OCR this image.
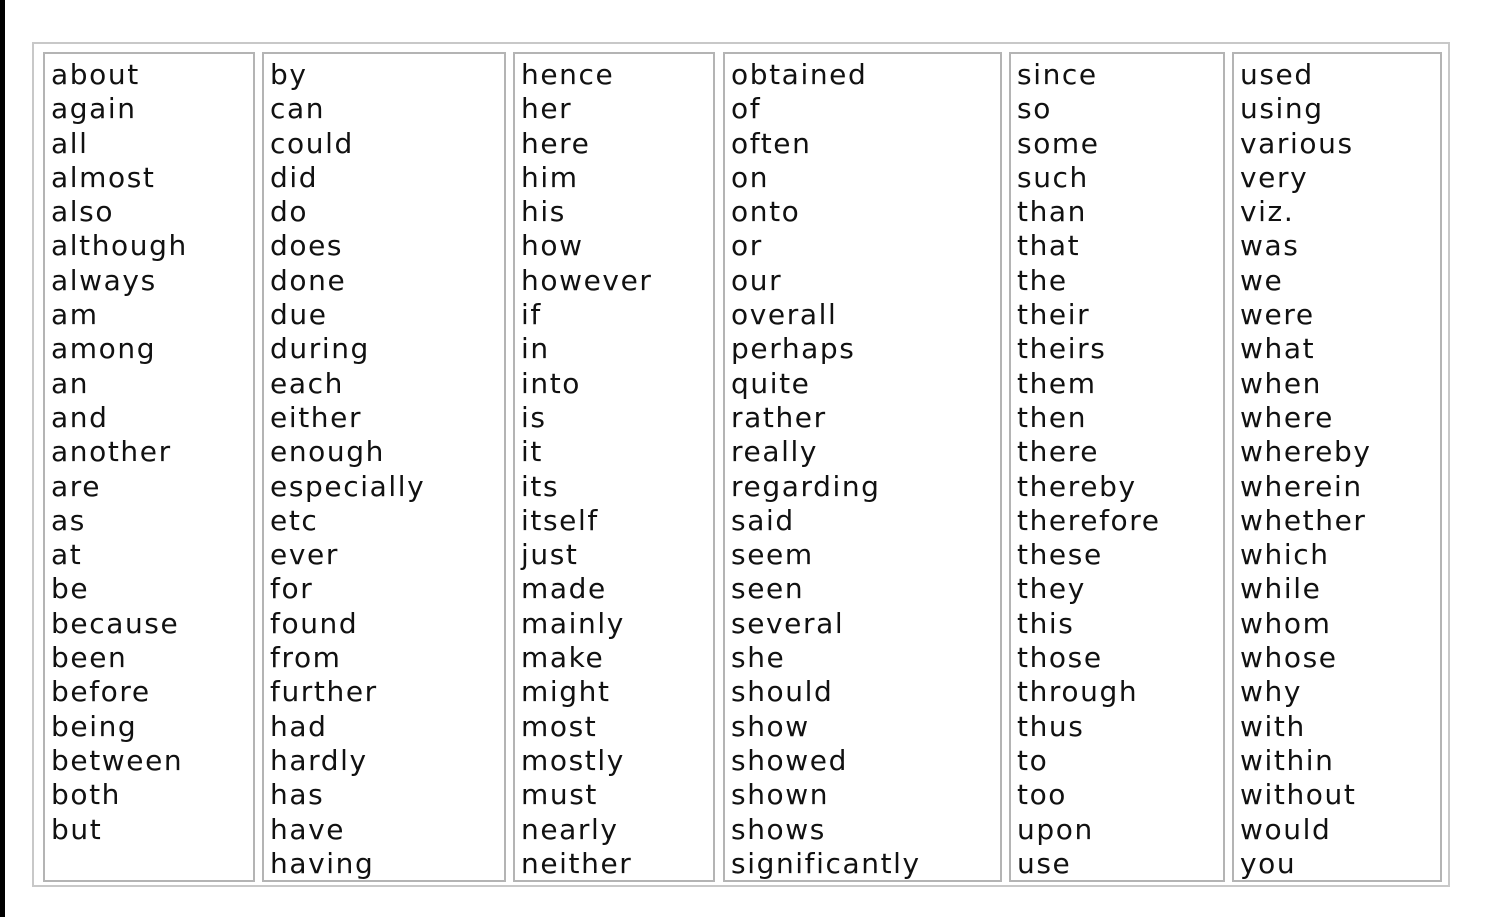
about
again
all
almost
also
although
always
am
among
an
and
another
are
as
at
be
because
been
before
being
between
both
but
by
can
could
did
do
does
done
due
during
each
either
enough
especially
etc
ever
for
found
from
further
had
hardly
has
have
having
hence
her
here
him
his
how
however
if
in
into
is
it
its
itself
just
made
mainly
make
might
most
mostly
must
nearly
neither
obtained
of
often
on
onto
or
our
overall
perhaps
quite
rather
really
regarding
said
seem
seen
several
she
should
show
showed
shown
shows
significantly
since
so
some
such
than
that
the
their
theirs
them
then
there
thereby
therefore
these
they
this
those
through
thus
to
too
upon
use
used
using
various
very
viz.
was
we
were
what
when
where
whereby
wherein
whether
which
while
whom
whose
why
with
within
without
would
you
